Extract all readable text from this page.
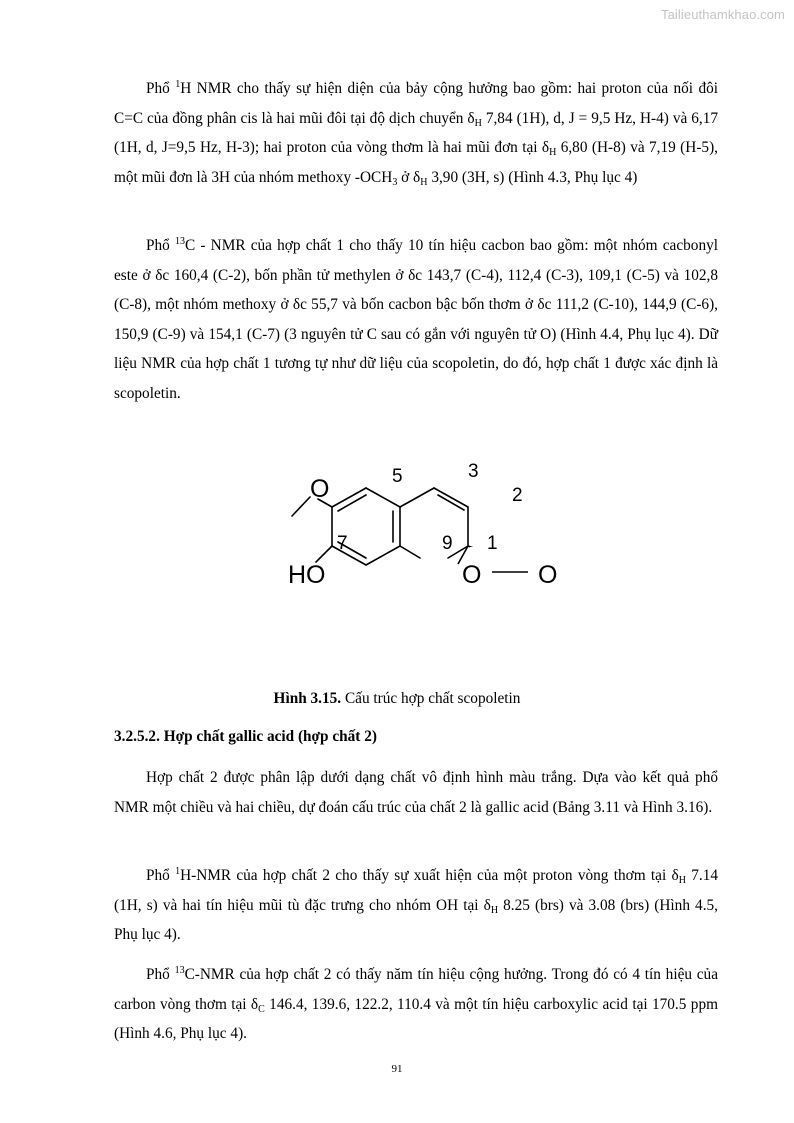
Tailieuthamkhao.com

Phổ $^1$H NMR cho thấy sự hiện diện của bảy cộng hưởng bao gồm: hai proton của nối đôi C=C của đồng phân cis là hai mũi đôi tại độ dịch chuyển $\delta_H$ 7,84 (1H), d, J = 9,5 Hz, H-4) và 6,17 (1H, d, J=9,5 Hz, H-3); hai proton của vòng thơm là hai mũi đơn tại $\delta_H$ 6,80 (H-8) và 7,19 (H-5), một mũi đơn là 3H của nhóm methoxy $-OCH_3$ ở $\delta_H$ 3,90 (3H, s) (Hình 4.3, Phụ lục 4)

Phổ $^{13}$C - NMR của hợp chất 1 cho thấy 10 tín hiệu cacbon bao gồm: một nhóm cacbonyl este ở δc 160,4 (C-2), bốn phần tử methylen ở δc 143,7 (C-4), 112,4 (C-3), 109,1 (C-5) và 102,8 (C-8), một nhóm methoxy ở δc 55,7 và bốn cacbon bậc bốn thơm ở δc 111,2 (C-10), 144,9 (C-6), 150,9 (C-9) và 154,1 (C-7) (3 nguyên tử C sau có gắn với nguyên tử O) (Hình 4.4, Phụ lục 4). Dữ liệu NMR của hợp chất 1 tương tự như dữ liệu của scopoletin, do đó, hợp chất 1 được xác định là scopoletin.

O	5	3
2
7	9 1
HO	O O

Hình 3.15. Cấu trúc hợp chất scopoletin

3.2.5.2. Hợp chất gallic acid (hợp chất 2)

Hợp chất 2 được phân lập dưới dạng chất vô định hình màu trắng. Dựa vào kết quả phổ NMR một chiều và hai chiều, dự đoán cấu trúc của chất 2 là gallic acid (Bảng 3.11 và Hình 3.16).

Phổ $^1$H-NMR của hợp chất 2 cho thấy sự xuất hiện của một proton vòng thơm tại $\delta_H$ 7.14 (1H, s) và hai tín hiệu mũi tù đặc trưng cho nhóm OH tại $\delta_H$ 8.25 (brs) và 3.08 (brs) (Hình 4.5, Phụ lục 4).

Phổ $^{13}$C-NMR của hợp chất 2 có thấy năm tín hiệu cộng hưởng. Trong đó có 4 tín hiệu của carbon vòng thơm tại $\delta_C$ 146.4, 139.6, 122.2, 110.4 và một tín hiệu carboxylic acid tại 170.5 ppm (Hình 4.6, Phụ lục 4).

91
